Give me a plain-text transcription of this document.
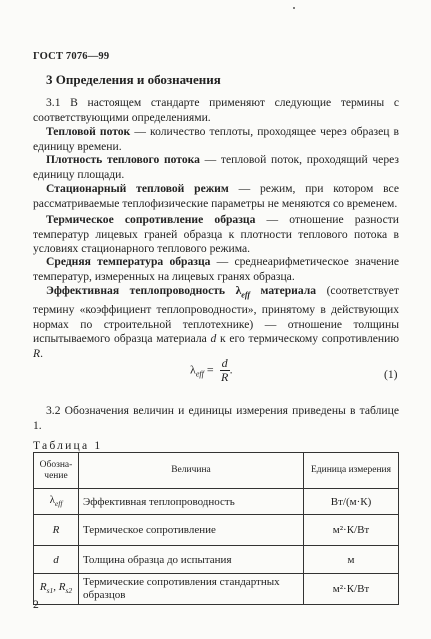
ГОСТ 7076—99
3 Определения и обозначения
3.1 В настоящем стандарте применяют следующие термины с соответствующими определениями.
Тепловой поток — количество теплоты, проходящее через образец в единицу времени.
Плотность теплового потока — тепловой поток, проходящий через единицу площади.
Стационарный тепловой режим — режим, при котором все рассматриваемые теплофизические параметры не меняются со временем.
Термическое сопротивление образца — отношение разности температур лицевых граней образца к плотности теплового потока в условиях стационарного теплового режима.
Средняя температура образца — среднеарифметическое значение температур, измеренных на лицевых гранях образца.
Эффективная теплопроводность $\lambda_{eff}$ материала (соответствует термину «коэффициент теплопроводности», принятому в действующих нормах по строительной теплотехнике) — отношение толщины испытываемого образца материала d к его термическому сопротивлению R.
$\lambda_{eff} = \frac{d}{R}$ .	(1)
3.2 Обозначения величин и единицы измерения приведены в таблице 1.
Таблица 1
Обозна-чение	Величина	Единица измерения
$\lambda_{eff}$	Эффективная теплопроводность	Вт/(м·К)
R	Термическое сопротивление	м²·К/Вт
d	Толщина образца до испытания	м
$R_{s1}$, $R_{s2}$	Термические сопротивления стандартных образцов	м²·К/Вт
2
